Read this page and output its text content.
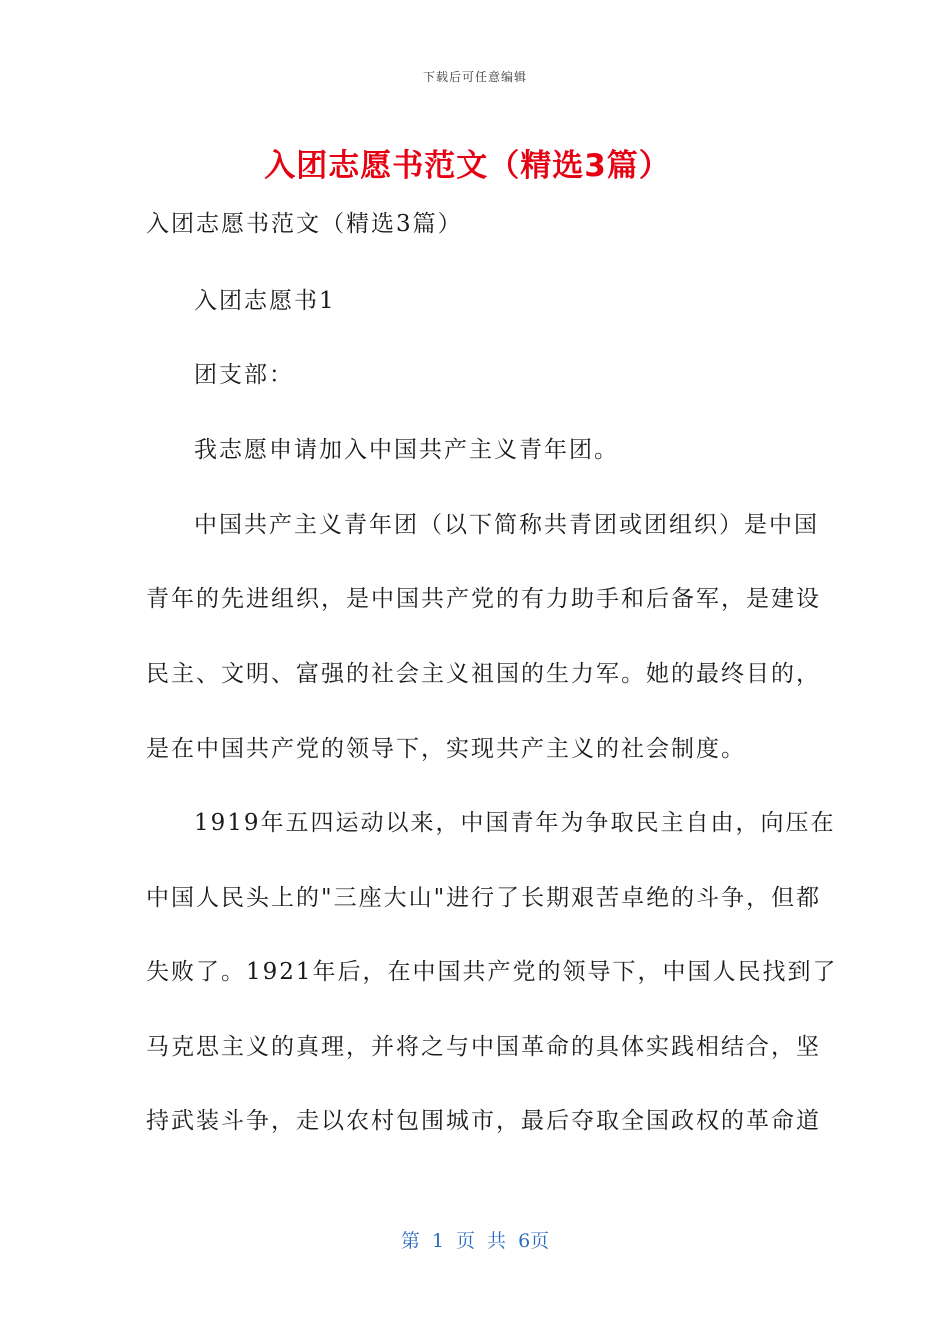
下载后可任意编辑
入团志愿书范文（精选3篇）
入团志愿书范文（精选3篇）
入团志愿书1
团支部：
我志愿申请加入中国共产主义青年团。
中国共产主义青年团（以下简称共青团或团组织）是中国
青年的先进组织，是中国共产党的有力助手和后备军，是建设
民主、文明、富强的社会主义祖国的生力军。她的最终目的，
是在中国共产党的领导下，实现共产主义的社会制度。
1919年五四运动以来，中国青年为争取民主自由，向压在
中国人民头上的"三座大山"进行了长期艰苦卓绝的斗争，但都
失败了。1921年后，在中国共产党的领导下，中国人民找到了
马克思主义的真理，并将之与中国革命的具体实践相结合，坚
持武装斗争，走以农村包围城市，最后夺取全国政权的革命道
第 1 页 共 6页
